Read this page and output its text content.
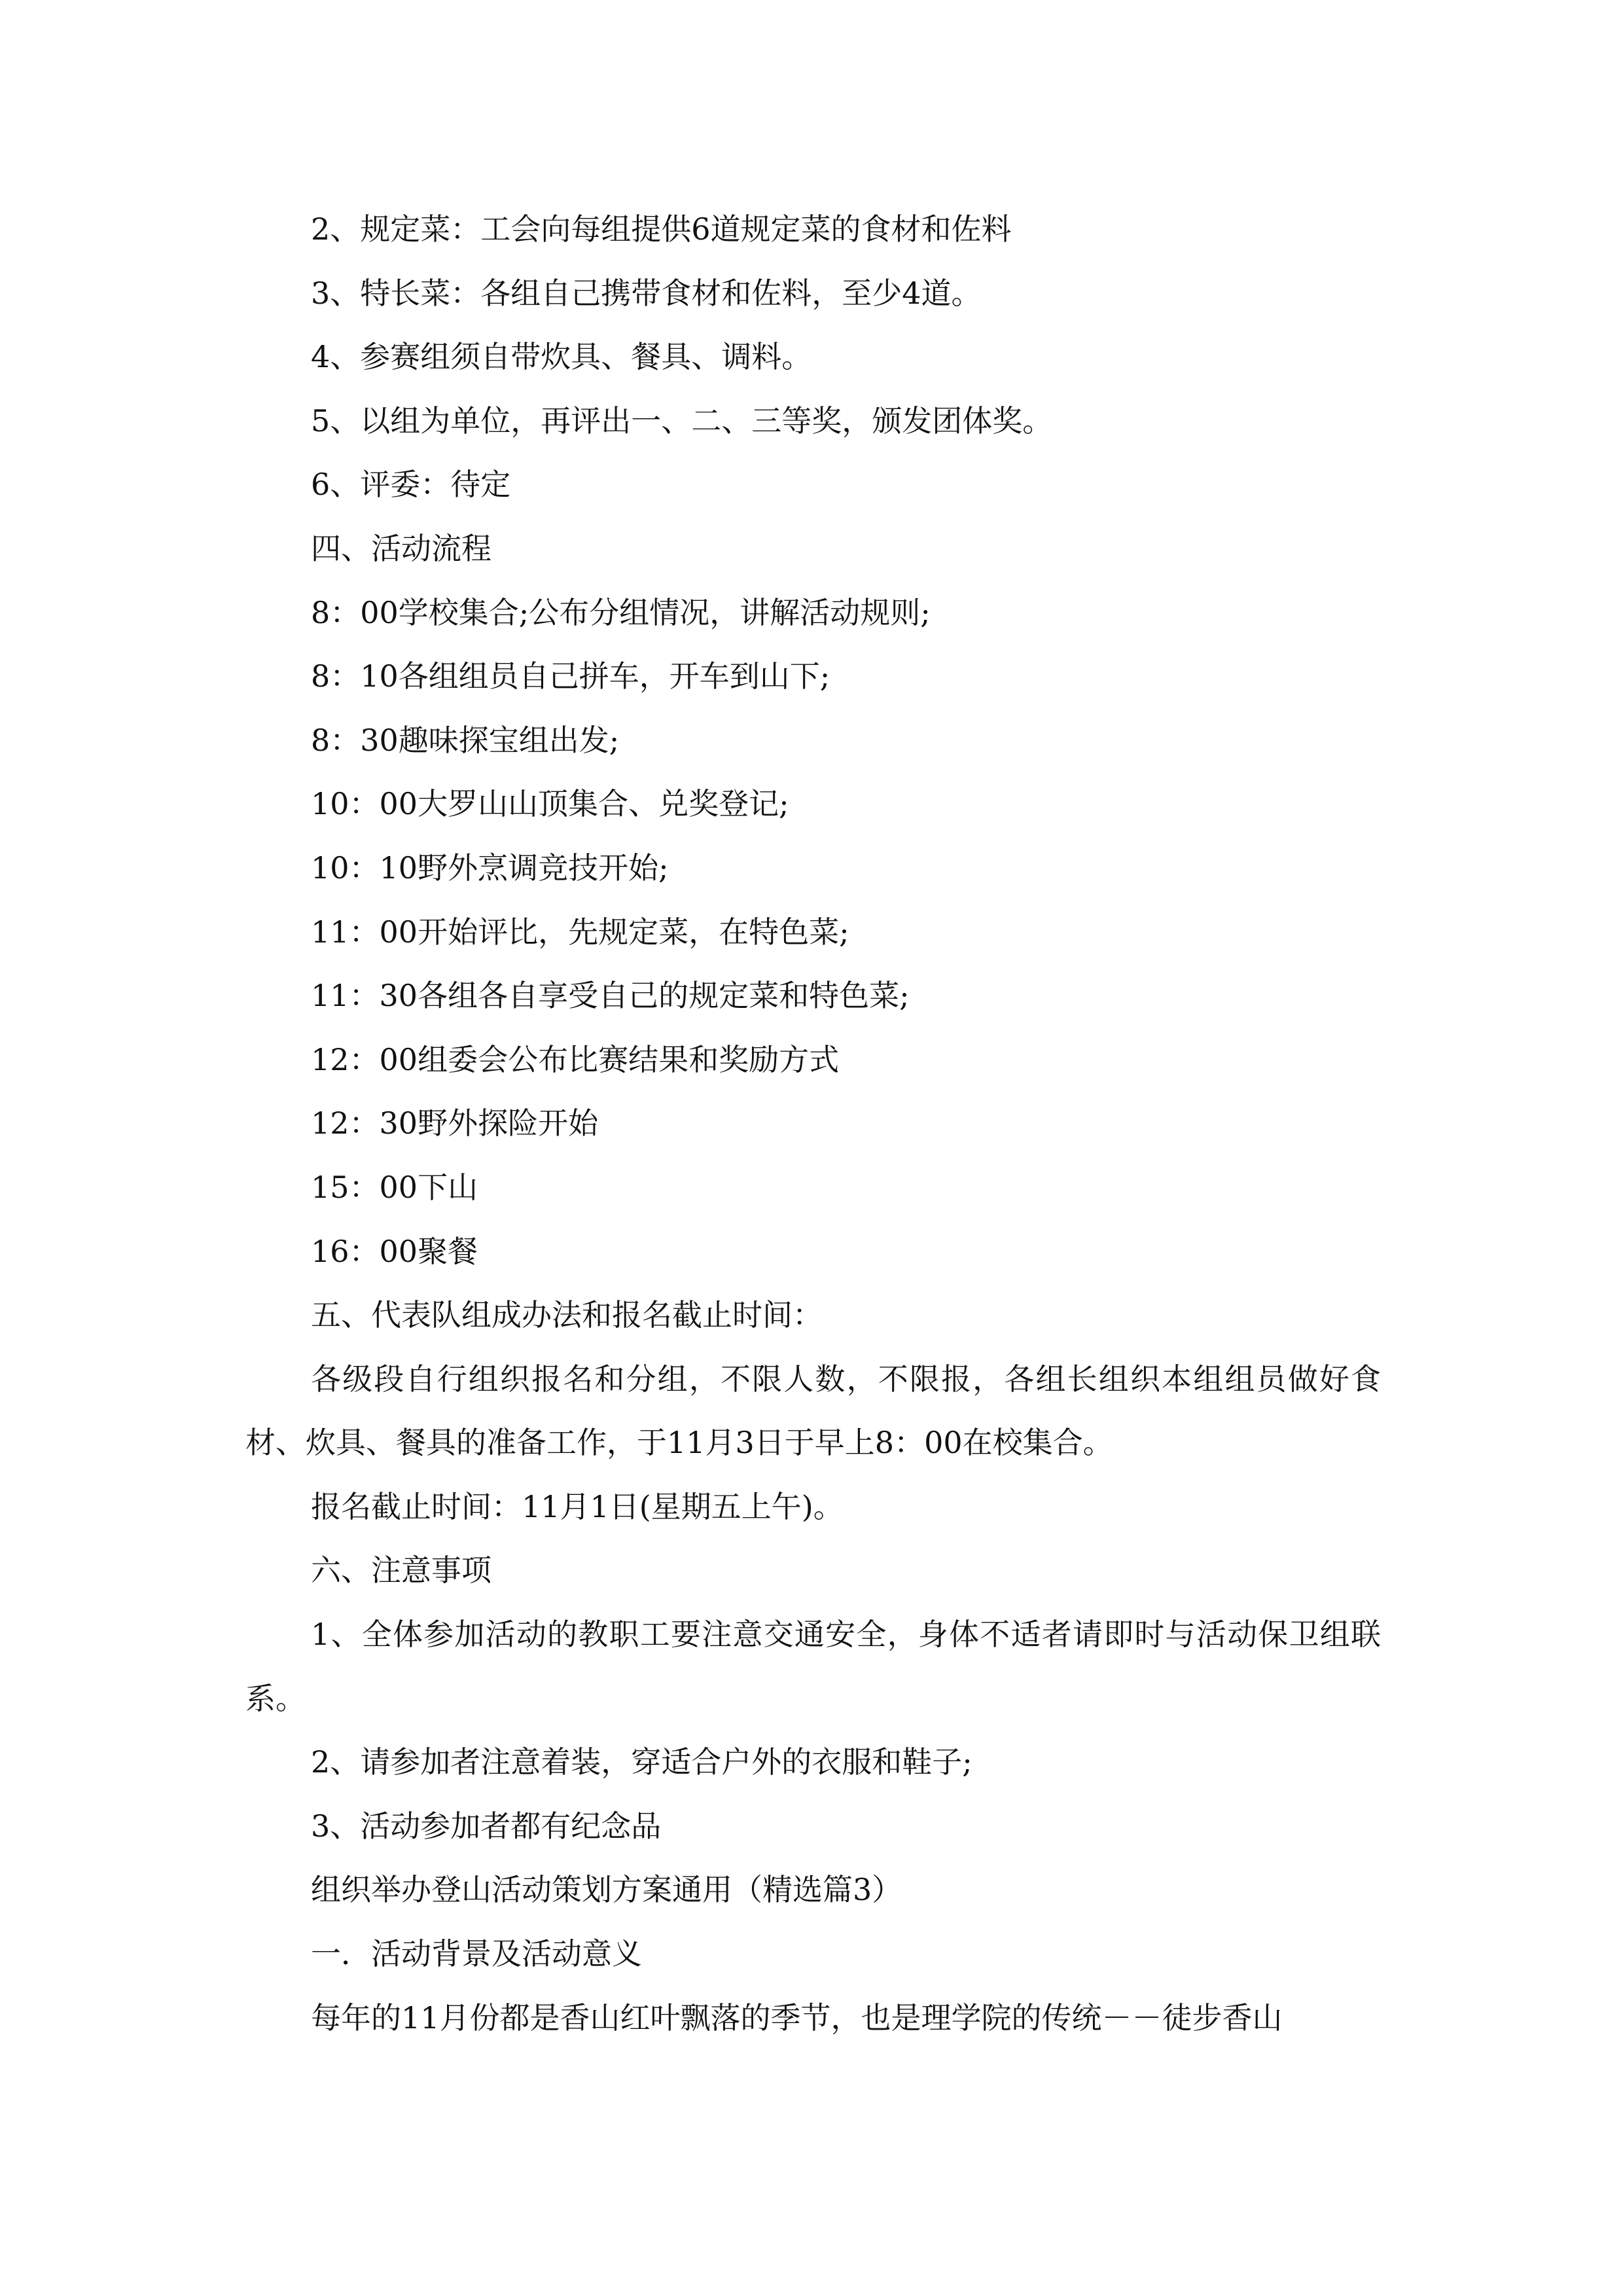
2、规定菜：工会向每组提供6道规定菜的食材和佐料
3、特长菜：各组自己携带食材和佐料，至少4道。
4、参赛组须自带炊具、餐具、调料。
5、以组为单位，再评出一、二、三等奖，颁发团体奖。
6、评委：待定
四、活动流程
8：00学校集合;公布分组情况，讲解活动规则;
8：10各组组员自己拼车，开车到山下;
8：30趣味探宝组出发;
10：00大罗山山顶集合、兑奖登记;
10：10野外烹调竞技开始;
11：00开始评比，先规定菜，在特色菜;
11：30各组各自享受自己的规定菜和特色菜;
12：00组委会公布比赛结果和奖励方式
12：30野外探险开始
15：00下山
16：00聚餐
五、代表队组成办法和报名截止时间：
各级段自行组织报名和分组，不限人数，不限报，各组长组织本组组员做好食材、炊具、餐具的准备工作，于11月3日于早上8：00在校集合。
报名截止时间：11月1日(星期五上午)。
六、注意事项
1、全体参加活动的教职工要注意交通安全，身体不适者请即时与活动保卫组联系。
2、请参加者注意着装，穿适合户外的衣服和鞋子;
3、活动参加者都有纪念品
组织举办登山活动策划方案通用（精选篇3）
一．活动背景及活动意义
每年的11月份都是香山红叶飘落的季节，也是理学院的传统－－徒步香山
